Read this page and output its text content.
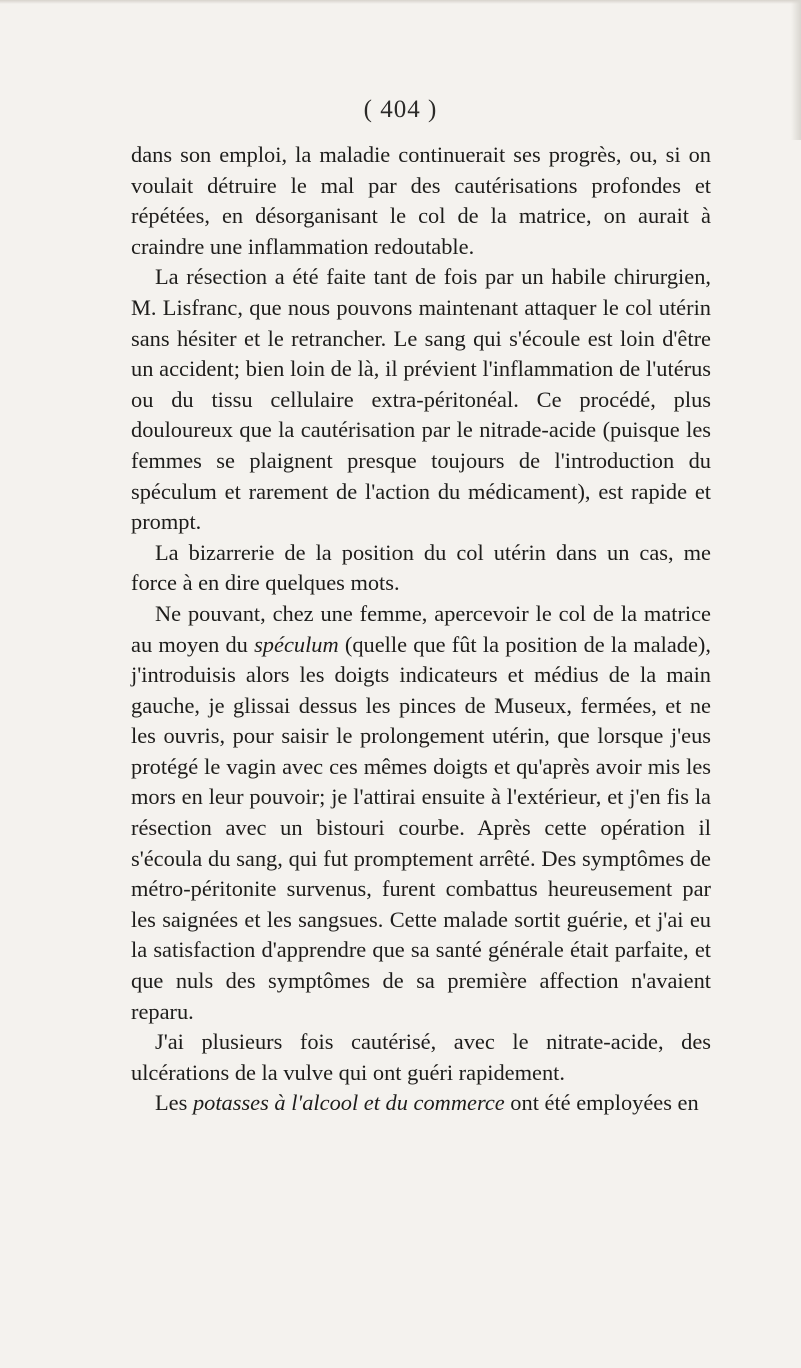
( 404 )

dans son emploi, la maladie continuerait ses progrès, ou, si on voulait détruire le mal par des cautérisations profondes et répétées, en désorganisant le col de la matrice, on aurait à craindre une inflammation redoutable.

La résection a été faite tant de fois par un habile chirurgien, M. Lisfranc, que nous pouvons maintenant attaquer le col utérin sans hésiter et le retrancher. Le sang qui s'écoule est loin d'être un accident; bien loin de là, il prévient l'inflammation de l'utérus ou du tissu cellulaire extra-péritonéal. Ce procédé, plus douloureux que la cautérisation par le nitrade-acide (puisque les femmes se plaignent presque toujours de l'introduction du spéculum et rarement de l'action du médicament), est rapide et prompt.

La bizarrerie de la position du col utérin dans un cas, me force à en dire quelques mots.

Ne pouvant, chez une femme, apercevoir le col de la matrice au moyen du spéculum (quelle que fût la position de la malade), j'introduisis alors les doigts indicateurs et médius de la main gauche, je glissai dessus les pinces de Museux, fermées, et ne les ouvris, pour saisir le prolongement utérin, que lorsque j'eus protégé le vagin avec ces mêmes doigts et qu'après avoir mis les mors en leur pouvoir; je l'attirai ensuite à l'extérieur, et j'en fis la résection avec un bistouri courbe. Après cette opération il s'écoula du sang, qui fut promptement arrêté. Des symptômes de métro-péritonite survenus, furent combattus heureusement par les saignées et les sangsues. Cette malade sortit guérie, et j'ai eu la satisfaction d'apprendre que sa santé générale était parfaite, et que nuls des symptômes de sa première affection n'avaient reparu.

J'ai plusieurs fois cautérisé, avec le nitrate-acide, des ulcérations de la vulve qui ont guéri rapidement.

Les potasses à l'alcool et du commerce ont été employées en
